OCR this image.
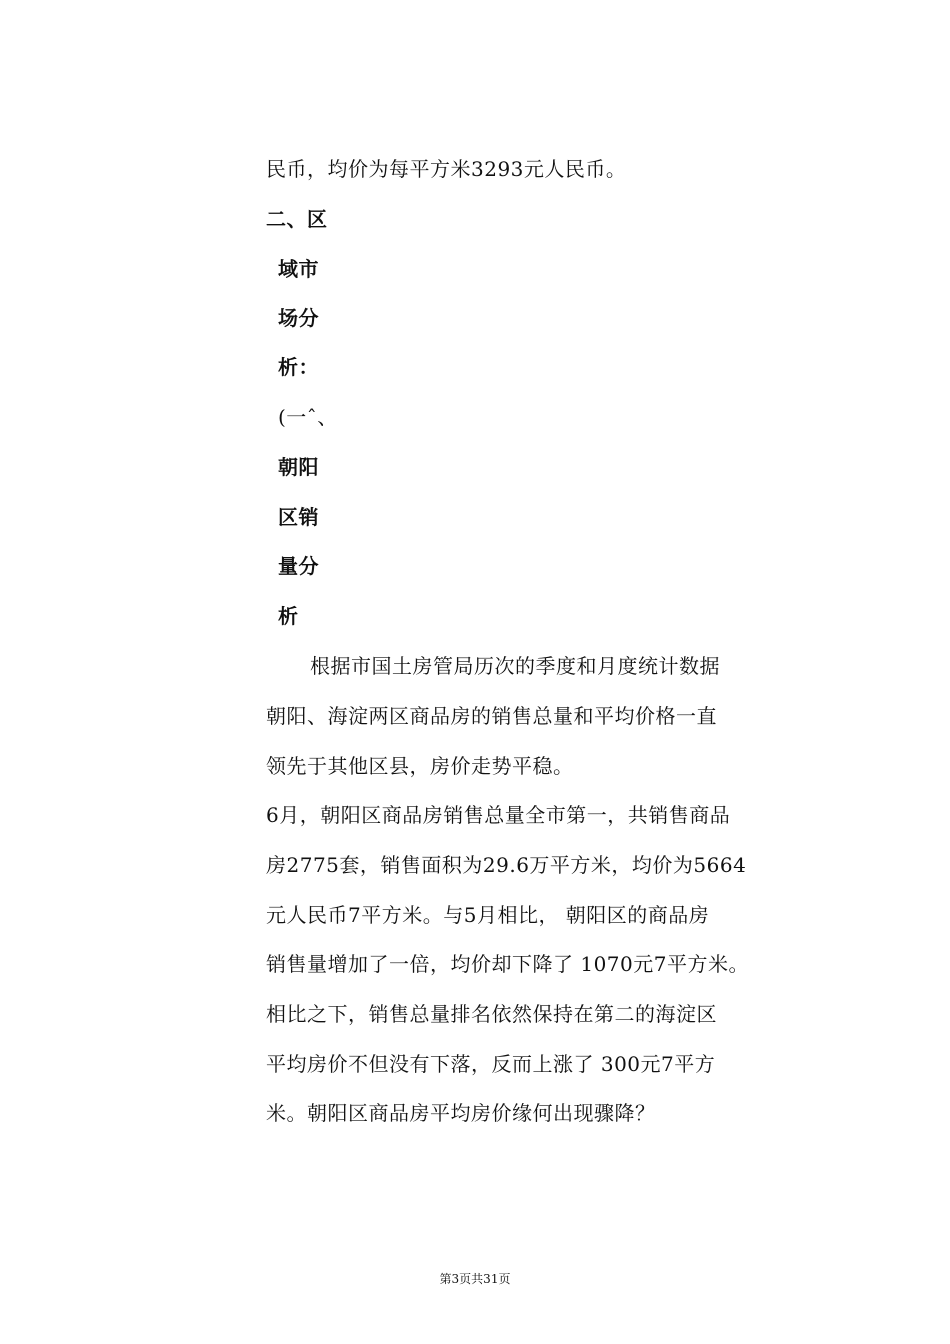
民币，均价为每平方米3293元人民币。
二、区
域市
场分
析：
(一ˆ、
朝阳
区销
量分
析
根据市国土房管局历次的季度和月度统计数据
朝阳、海淀两区商品房的销售总量和平均价格一直
领先于其他区县，房价走势平稳。
6月，朝阳区商品房销售总量全市第一，共销售商品
房2775套，销售面积为29.6万平方米，均价为5664
元人民币7平方米。与5月相比， 朝阳区的商品房
销售量增加了一倍，均价却下降了 1070元7平方米。
相比之下，销售总量排名依然保持在第二的海淀区
平均房价不但没有下落，反而上涨了 300元7平方
米。朝阳区商品房平均房价缘何出现骤降？
第3页共31页
